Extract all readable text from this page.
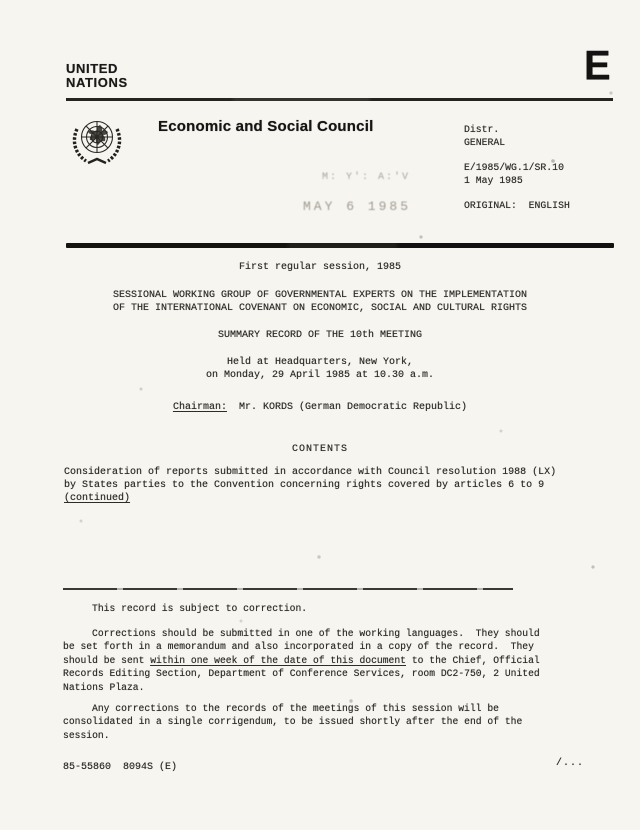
UNITED
NATIONS	E
Economic and Social Council	Distr.
GENERAL
E/1985/WG.1/SR.10
1 May 1985
ORIGINAL:  ENGLISH
M: Y': A:'V
MAY 6 1985
First regular session, 1985
SESSIONAL WORKING GROUP OF GOVERNMENTAL EXPERTS ON THE IMPLEMENTATION
OF THE INTERNATIONAL COVENANT ON ECONOMIC, SOCIAL AND CULTURAL RIGHTS
SUMMARY RECORD OF THE 10th MEETING
Held at Headquarters, New York,
on Monday, 29 April 1985 at 10.30 a.m.
Chairman: Mr. KORDS (German Democratic Republic)
CONTENTS
Consideration of reports submitted in accordance with Council resolution 1988 (LX)
by States parties to the Convention concerning rights covered by articles 6 to 9
(continued)
This record is subject to correction.
Corrections should be submitted in one of the working languages.  They should be set forth in a memorandum and also incorporated in a copy of the record.  They should be sent within one week of the date of this document to the Chief, Official Records Editing Section, Department of Conference Services, room DC2-750, 2 United Nations Plaza.
Any corrections to the records of the meetings of this session will be consolidated in a single corrigendum, to be issued shortly after the end of the session.
85-55860  8094S (E)	/...
